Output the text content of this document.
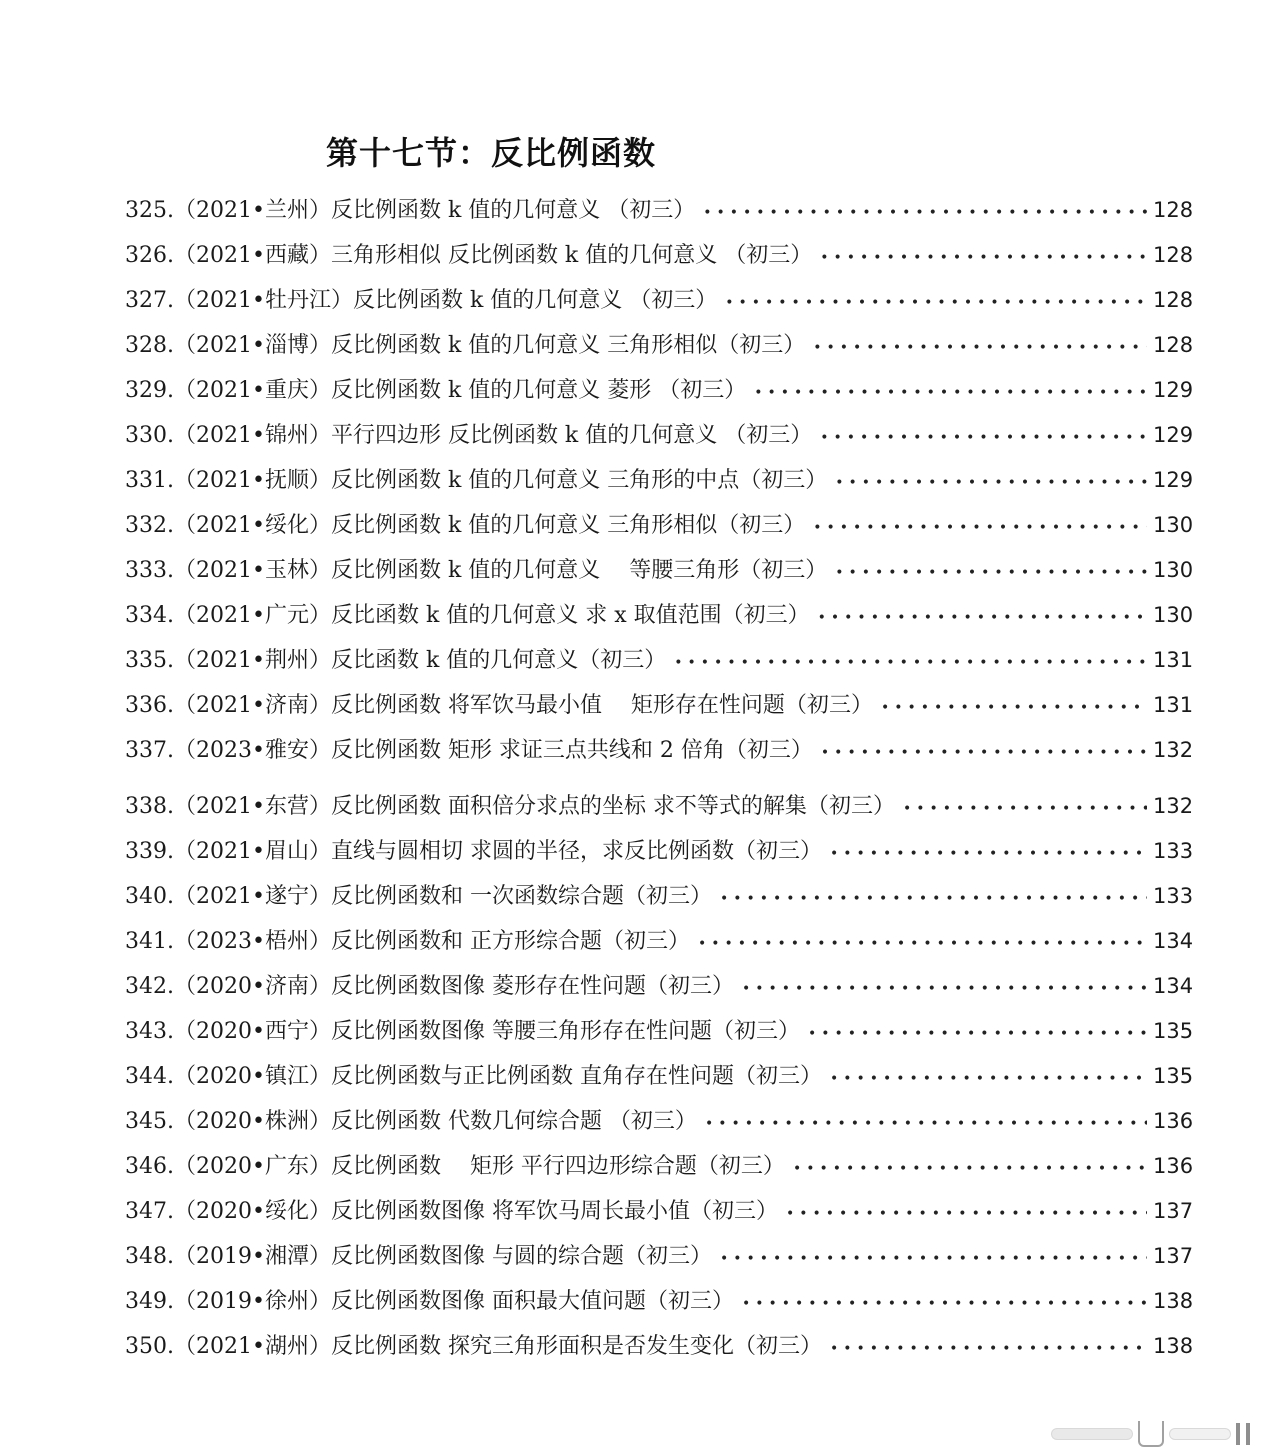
第十七节：反比例函数
325.（2021•兰州）反比例函数 k 值的几何意义 （初三） •••••	128
326.（2021•西藏）三角形相似 反比例函数 k 值的几何意义 （初三） •••••	128
327.（2021•牡丹江）反比例函数 k 值的几何意义 （初三） •••••	128
328.（2021•淄博）反比例函数 k 值的几何意义 三角形相似（初三） •••••	128
329.（2021•重庆）反比例函数 k 值的几何意义 菱形 （初三） •••••	129
330.（2021•锦州）平行四边形 反比例函数 k 值的几何意义 （初三） •••••	129
331.（2021•抚顺）反比例函数 k 值的几何意义 三角形的中点（初三） •••••	129
332.（2021•绥化）反比例函数 k 值的几何意义 三角形相似（初三） •••••	130
333.（2021•玉林）反比例函数 k 值的几何意义　 等腰三角形（初三） •••••	130
334.（2021•广元）反比函数 k 值的几何意义 求 x 取值范围（初三） •••••	130
335.（2021•荆州）反比函数 k 值的几何意义（初三） •••••	131
336.（2021•济南）反比例函数 将军饮马最小值　 矩形存在性问题（初三） •••••	131
337.（2023•雅安）反比例函数 矩形 求证三点共线和 2 倍角（初三） •••••	132
338.（2021•东营）反比例函数 面积倍分求点的坐标 求不等式的解集（初三） •••••	132
339.（2021•眉山）直线与圆相切 求圆的半径，求反比例函数（初三） •••••	133
340.（2021•遂宁）反比例函数和 一次函数综合题（初三） •••••	133
341.（2023•梧州）反比例函数和 正方形综合题（初三） •••••	134
342.（2020•济南）反比例函数图像 菱形存在性问题（初三） •••••	134
343.（2020•西宁）反比例函数图像 等腰三角形存在性问题（初三） •••••	135
344.（2020•镇江）反比例函数与正比例函数 直角存在性问题（初三） •••••	135
345.（2020•株洲）反比例函数 代数几何综合题 （初三） •••••	136
346.（2020•广东）反比例函数　 矩形 平行四边形综合题（初三） •••••	136
347.（2020•绥化）反比例函数图像 将军饮马周长最小值（初三） •••••	137
348.（2019•湘潭）反比例函数图像 与圆的综合题（初三） •••••	137
349.（2019•徐州）反比例函数图像 面积最大值问题（初三） •••••	138
350.（2021•湖州）反比例函数 探究三角形面积是否发生变化（初三） •••••	138
